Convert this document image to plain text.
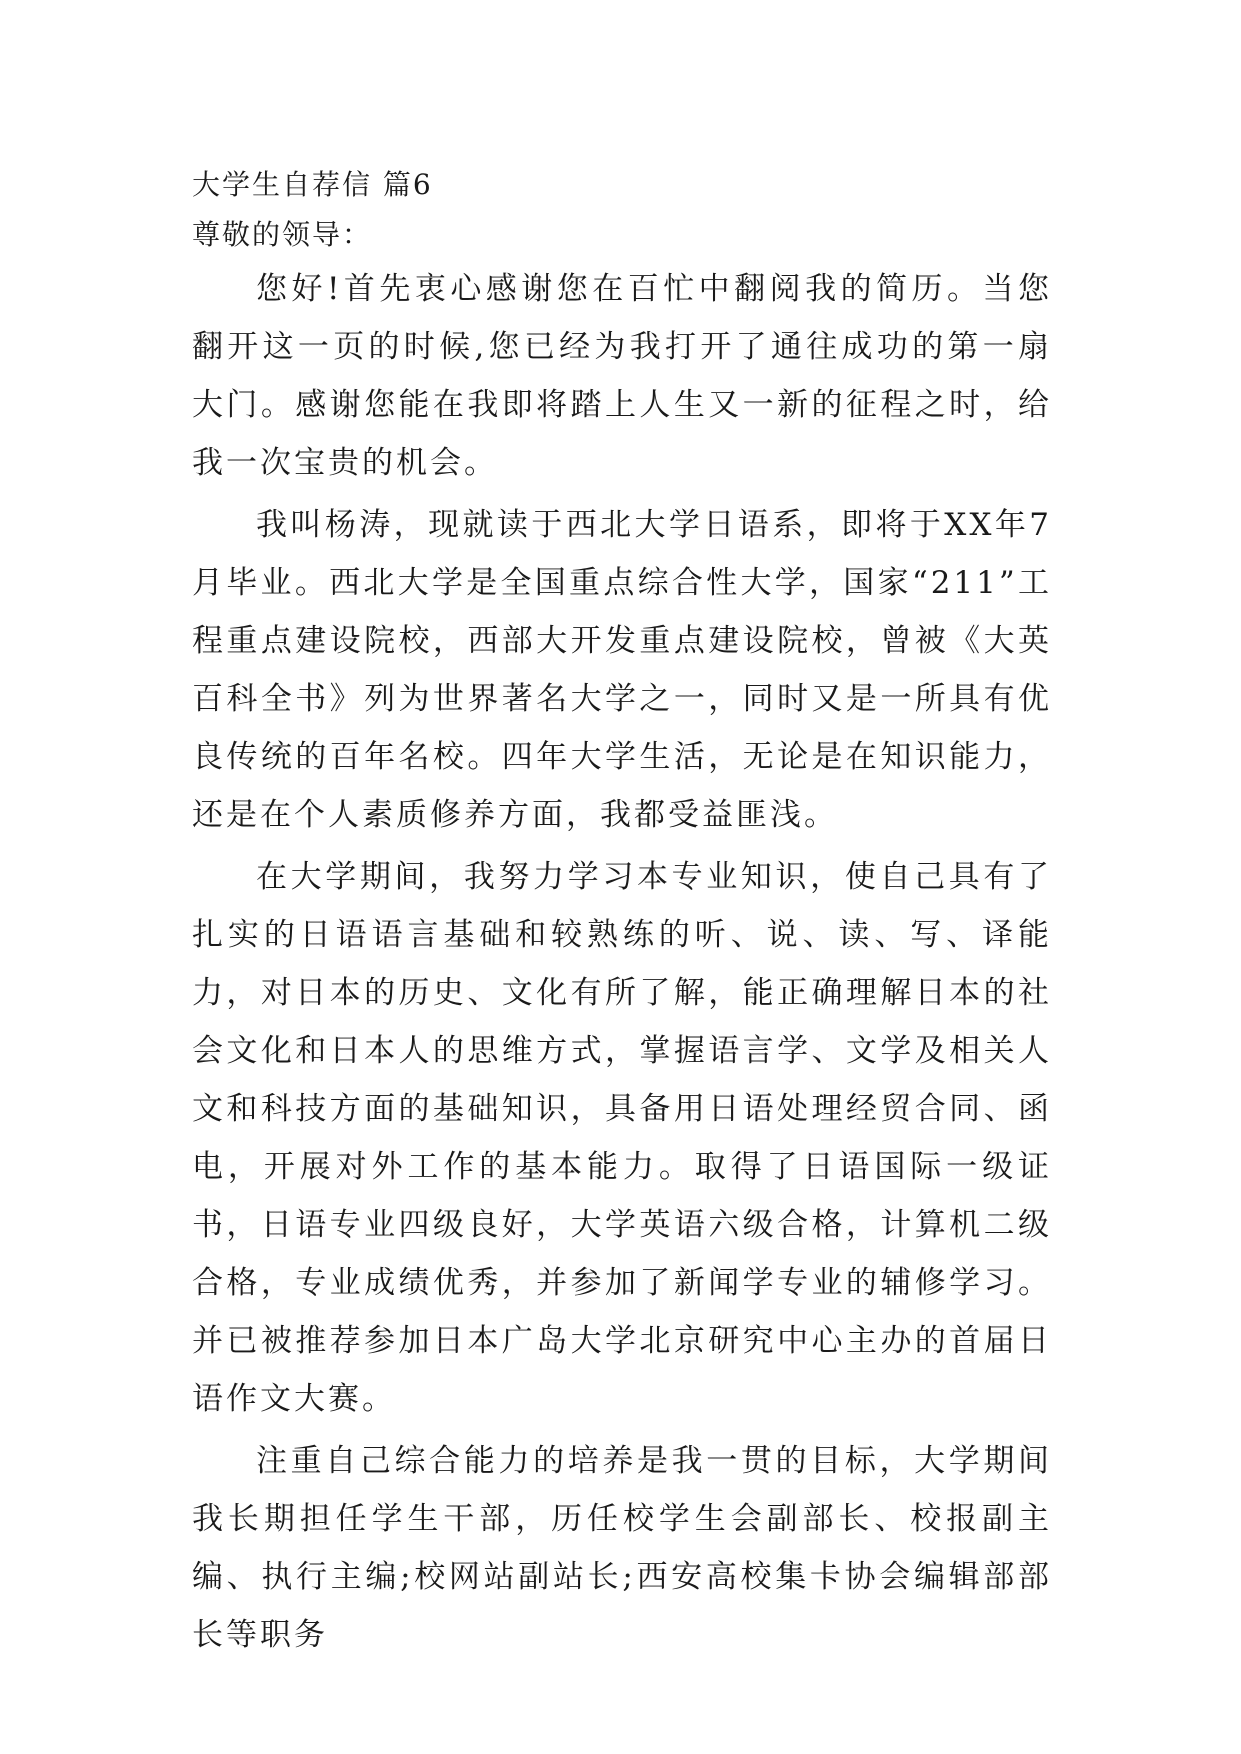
大学生自荐信 篇6
尊敬的领导：

您好!首先衷心感谢您在百忙中翻阅我的简历。当您翻开这一页的时候,您已经为我打开了通往成功的第一扇大门。感谢您能在我即将踏上人生又一新的征程之时，给我一次宝贵的机会。

我叫杨涛，现就读于西北大学日语系，即将于XX年7月毕业。西北大学是全国重点综合性大学，国家“211”工程重点建设院校，西部大开发重点建设院校，曾被《大英百科全书》列为世界著名大学之一，同时又是一所具有优良传统的百年名校。四年大学生活，无论是在知识能力，还是在个人素质修养方面，我都受益匪浅。

在大学期间，我努力学习本专业知识，使自己具有了扎实的日语语言基础和较熟练的听、说、读、写、译能力，对日本的历史、文化有所了解，能正确理解日本的社会文化和日本人的思维方式，掌握语言学、文学及相关人文和科技方面的基础知识，具备用日语处理经贸合同、函电，开展对外工作的基本能力。取得了日语国际一级证书，日语专业四级良好，大学英语六级合格，计算机二级合格，专业成绩优秀，并参加了新闻学专业的辅修学习。并已被推荐参加日本广岛大学北京研究中心主办的首届日语作文大赛。

注重自己综合能力的培养是我一贯的目标，大学期间我长期担任学生干部，历任校学生会副部长、校报副主编、执行主编;校网站副站长;西安高校集卡协会编辑部部长等职务
